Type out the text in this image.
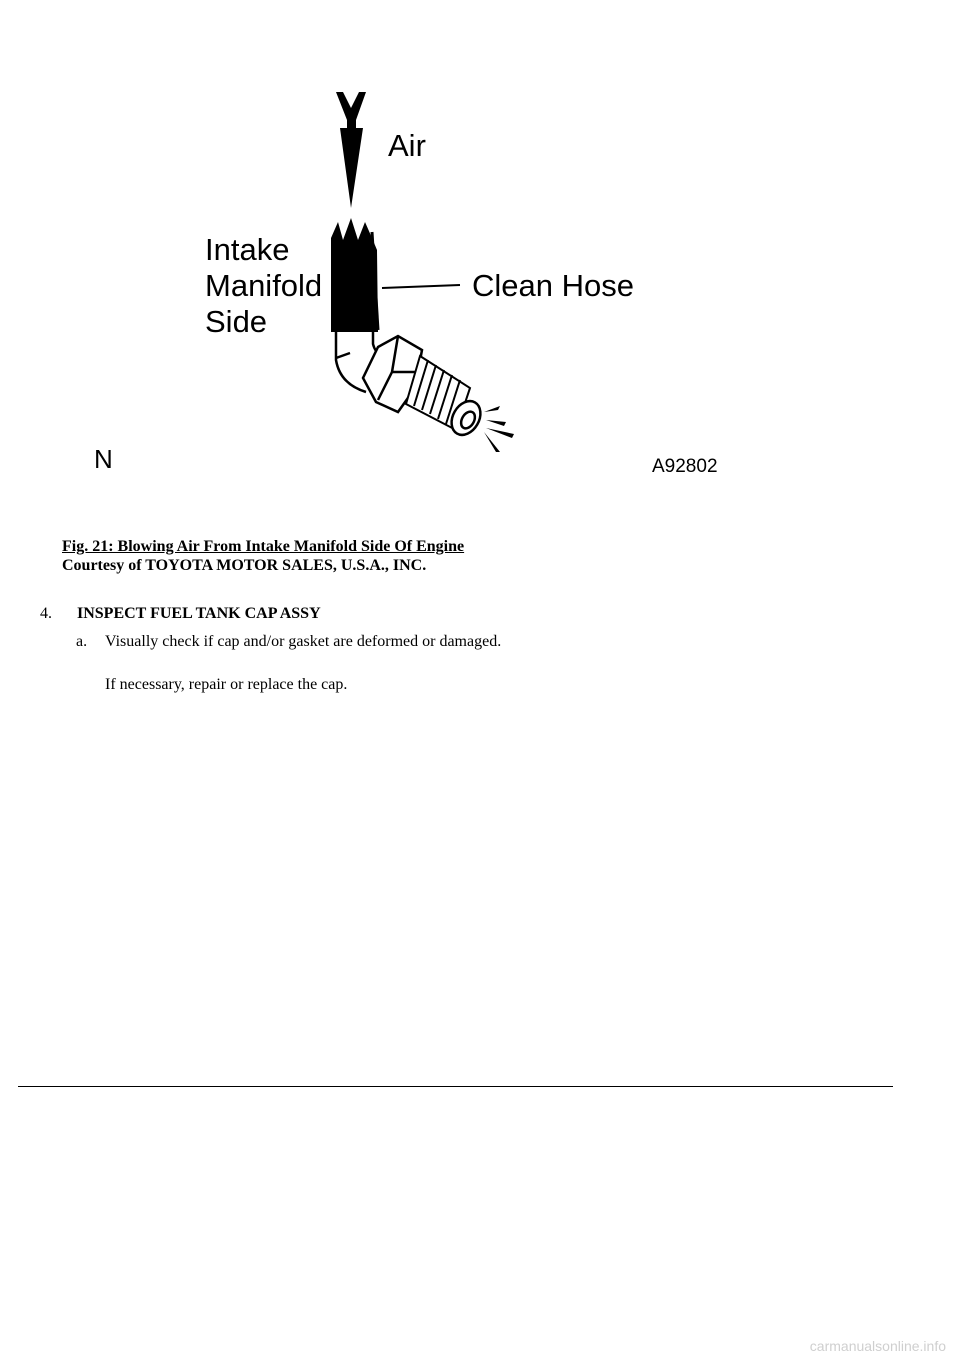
Air
Intake
Manifold
Side
Clean Hose
N	A92802
Fig. 21: Blowing Air From Intake Manifold Side Of Engine
Courtesy of TOYOTA MOTOR SALES, U.S.A., INC.
4. INSPECT FUEL TANK CAP ASSY
a. Visually check if cap and/or gasket are deformed or damaged.
If necessary, repair or replace the cap.
carmanualsonline.info
